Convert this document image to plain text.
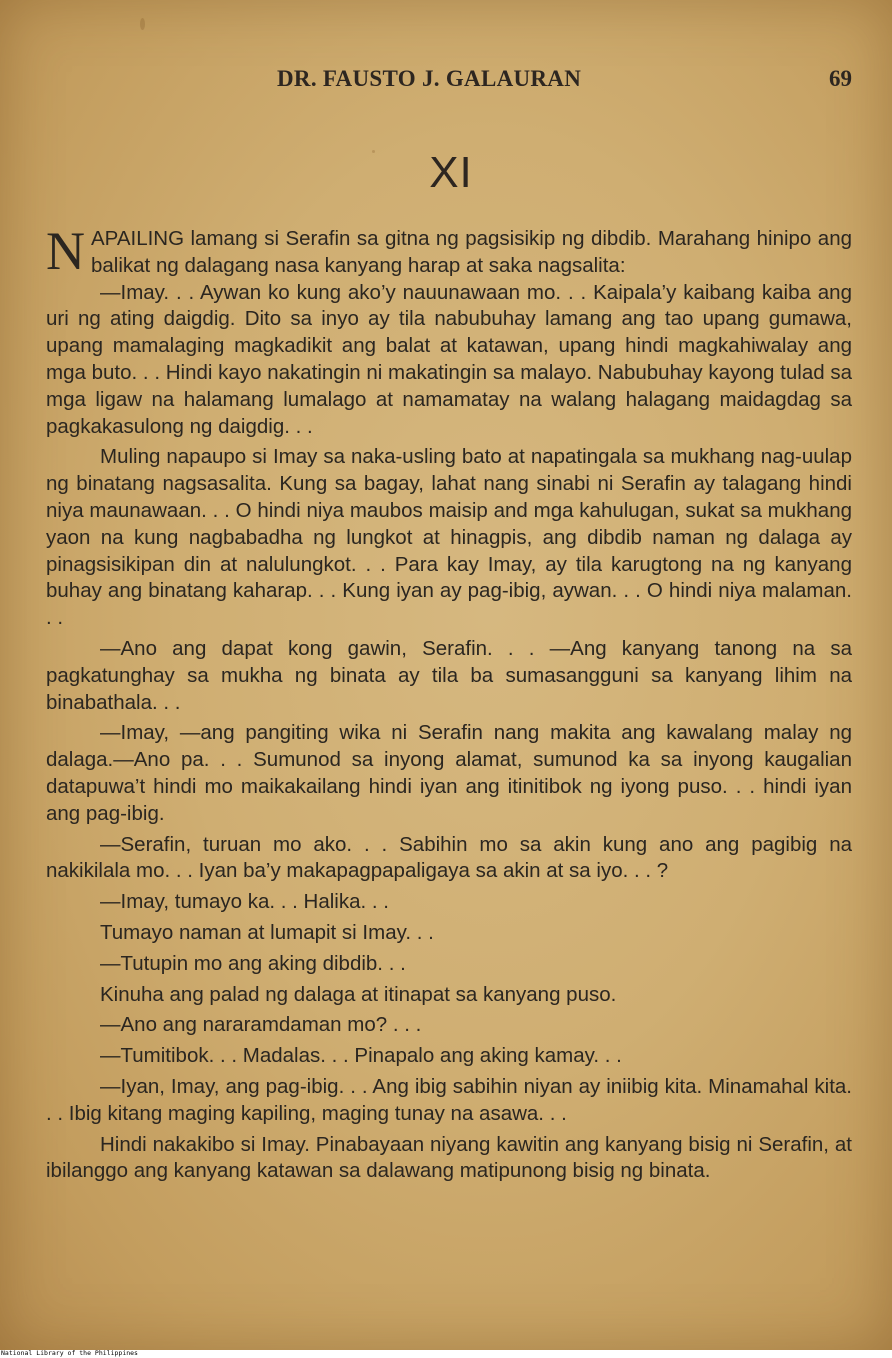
DR. FAUSTO J. GALAURAN	69
XI

NAPAILING lamang si Serafin sa gitna ng pagsisikip ng dibdib. Marahang hinipo ang balikat ng dalagang nasa kanyang harap at saka nagsalita:

—Imay. . . Aywan ko kung ako’y nauunawaan mo. . . Kaipala’y kaibang kaiba ang uri ng ating daigdig. Dito sa inyo ay tila nabubuhay lamang ang tao upang gumawa, upang mamalaging magkadikit ang balat at katawan, upang hindi magkahiwalay ang mga buto. . . Hindi kayo nakatingin ni makatingin sa malayo. Nabubuhay kayong tulad sa mga ligaw na halamang lumalago at namamatay na walang halagang maidagdag sa pagkakasulong ng daigdig. . .

Muling napaupo si Imay sa naka-usling bato at napatingala sa mukhang nag-uulap ng binatang nagsasalita. Kung sa bagay, lahat nang sinabi ni Serafin ay talagang hindi niya maunawaan. . . O hindi niya maubos maisip and mga kahulugan, sukat sa mukhang yaon na kung nagbabadha ng lungkot at hinagpis, ang dibdib naman ng dalaga ay pinagsisikipan din at nalulungkot. . . Para kay Imay, ay tila karugtong na ng kanyang buhay ang binatang kaharap. . . Kung iyan ay pag-ibig, aywan. . . O hindi niya malaman. . .

—Ano ang dapat kong gawin, Serafin. . . —Ang kanyang tanong na sa pagkatunghay sa mukha ng binata ay tila ba sumasangguni sa kanyang lihim na binabathala. . .

—Imay, —ang pangiting wika ni Serafin nang makita ang kawalang malay ng dalaga.—Ano pa. . . Sumunod sa inyong alamat, sumunod ka sa inyong kaugalian datapuwa’t hindi mo maikakailang hindi iyan ang itinitibok ng iyong puso. . . hindi iyan ang pag-ibig.

—Serafin, turuan mo ako. . . Sabihin mo sa akin kung ano ang pagibig na nakikilala mo. . . Iyan ba’y makapagpapaligaya sa akin at sa iyo. . . ?

—Imay, tumayo ka. . . Halika. . .

Tumayo naman at lumapit si Imay. . .

—Tutupin mo ang aking dibdib. . .

Kinuha ang palad ng dalaga at itinapat sa kanyang puso.

—Ano ang nararamdaman mo? . . .

—Tumitibok. . . Madalas. . . Pinapalo ang aking kamay. . .

—Iyan, Imay, ang pag-ibig. . . Ang ibig sabihin niyan ay iniibig kita. Minamahal kita. . . Ibig kitang maging kapiling, maging tunay na asawa. . .

Hindi nakakibo si Imay. Pinabayaan niyang kawitin ang kanyang bisig ni Serafin, at ibilanggo ang kanyang katawan sa dalawang matipunong bisig ng binata.

National Library of the Philippines
